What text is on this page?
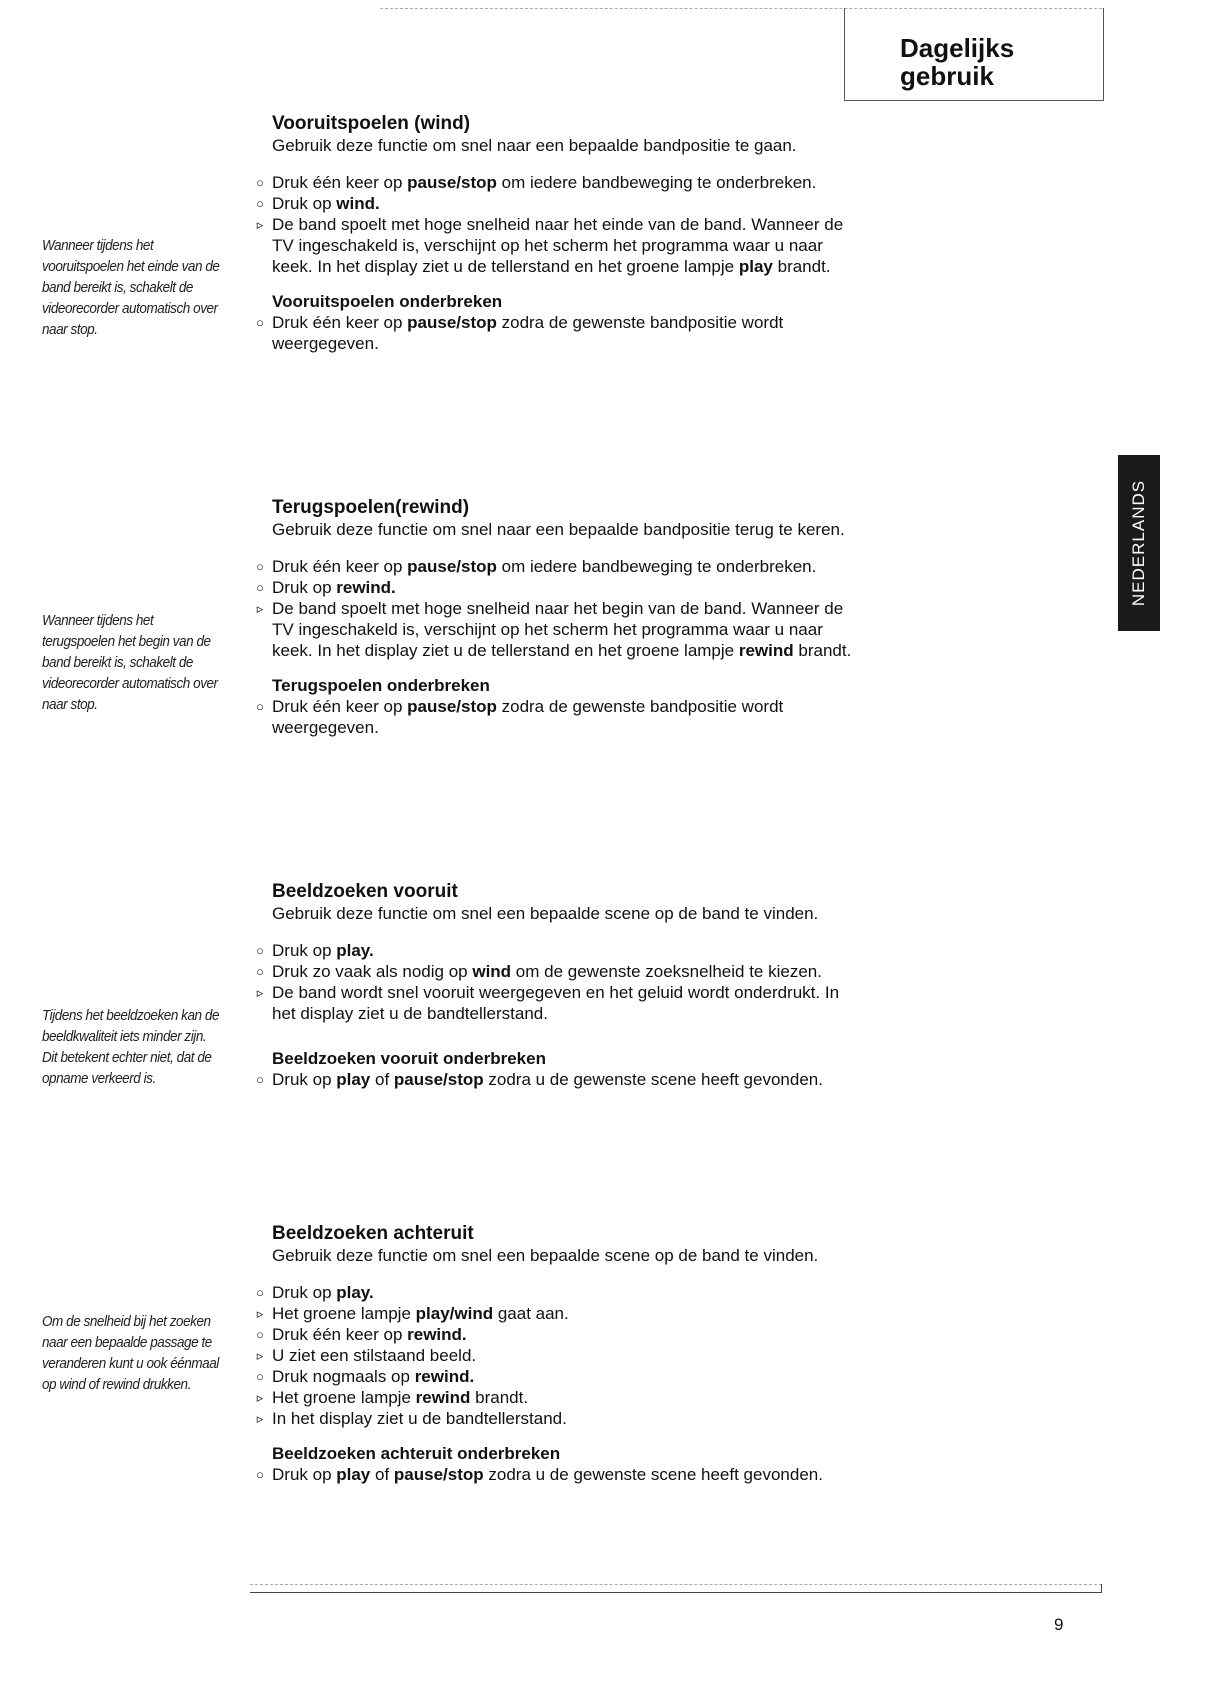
Dagelijks
gebruik
NEDERLANDS
Wanneer tijdens het vooruitspoelen het einde van de band bereikt is, schakelt de videorecorder automatisch over naar stop.
Vooruitspoelen (wind)

Gebruik deze functie om snel naar een bepaalde bandpositie te gaan.

○ Druk één keer op pause/stop om iedere bandbeweging te onderbreken.
○ Druk op wind.
▹ De band spoelt met hoge snelheid naar het einde van de band. Wanneer de TV ingeschakeld is, verschijnt op het scherm het programma waar u naar keek. In het display ziet u de tellerstand en het groene lampje play brandt.
Vooruitspoelen onderbreken
○ Druk één keer op pause/stop zodra de gewenste bandpositie wordt weergegeven.
Wanneer tijdens het terugspoelen het begin van de band bereikt is, schakelt de videorecorder automatisch over naar stop.
Terugspoelen(rewind)

Gebruik deze functie om snel naar een bepaalde bandpositie terug te keren.

○ Druk één keer op pause/stop om iedere bandbeweging te onderbreken.
○ Druk op rewind.
▹ De band spoelt met hoge snelheid naar het begin van de band. Wanneer de TV ingeschakeld is, verschijnt op het scherm het programma waar u naar keek. In het display ziet u de tellerstand en het groene lampje rewind brandt.
Terugspoelen onderbreken
○ Druk één keer op pause/stop zodra de gewenste bandpositie wordt weergegeven.
Tijdens het beeldzoeken kan de beeldkwaliteit iets minder zijn. Dit betekent echter niet, dat de opname verkeerd is.
Beeldzoeken vooruit

Gebruik deze functie om snel een bepaalde scene op de band te vinden.

○ Druk op play.
○ Druk zo vaak als nodig op wind om de gewenste zoeksnelheid te kiezen.
▹ De band wordt snel vooruit weergegeven en het geluid wordt onderdrukt. In het display ziet u de bandtellerstand.
Beeldzoeken vooruit onderbreken
○ Druk op play of pause/stop zodra u de gewenste scene heeft gevonden.
Om de snelheid bij het zoeken naar een bepaalde passage te veranderen kunt u ook éénmaal op wind of rewind drukken.
Beeldzoeken achteruit

Gebruik deze functie om snel een bepaalde scene op de band te vinden.

○ Druk op play.
▹ Het groene lampje play/wind gaat aan.
○ Druk één keer op rewind.
▹ U ziet een stilstaand beeld.
○ Druk nogmaals op rewind.
▹ Het groene lampje rewind brandt.
▹ In het display ziet u de bandtellerstand.
Beeldzoeken achteruit onderbreken
○ Druk op play of pause/stop zodra u de gewenste scene heeft gevonden.
9
